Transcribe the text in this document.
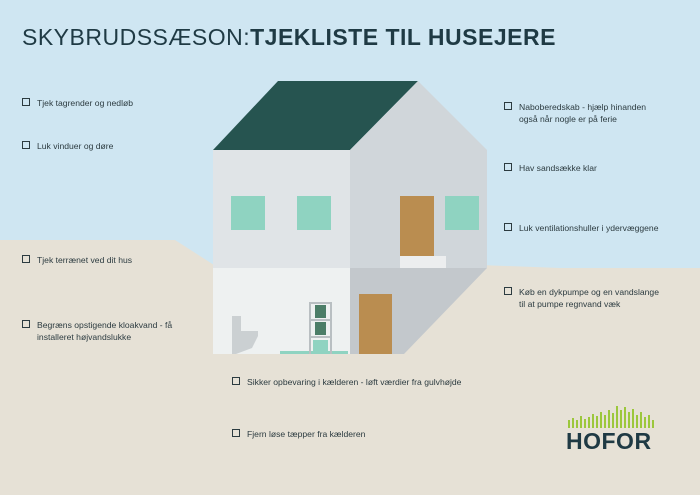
SKYBRUDSSÆSON:TJEKLISTE TIL HUSEJERE
Tjek tagrender og nedløb
Luk vinduer og døre
Tjek terrænet ved dit hus
Begræns opstigende kloakvand - få
installeret højvandslukke
Naboberedskab - hjælp hinanden
også når nogle er på ferie
Hav sandsække klar
Luk ventilationshuller i ydervæggene
Køb en dykpumpe og en vandslange
til at pumpe regnvand væk
Sikker opbevaring i kælderen - løft værdier fra gulvhøjde
Fjern løse tæpper fra kælderen	HOFOR
